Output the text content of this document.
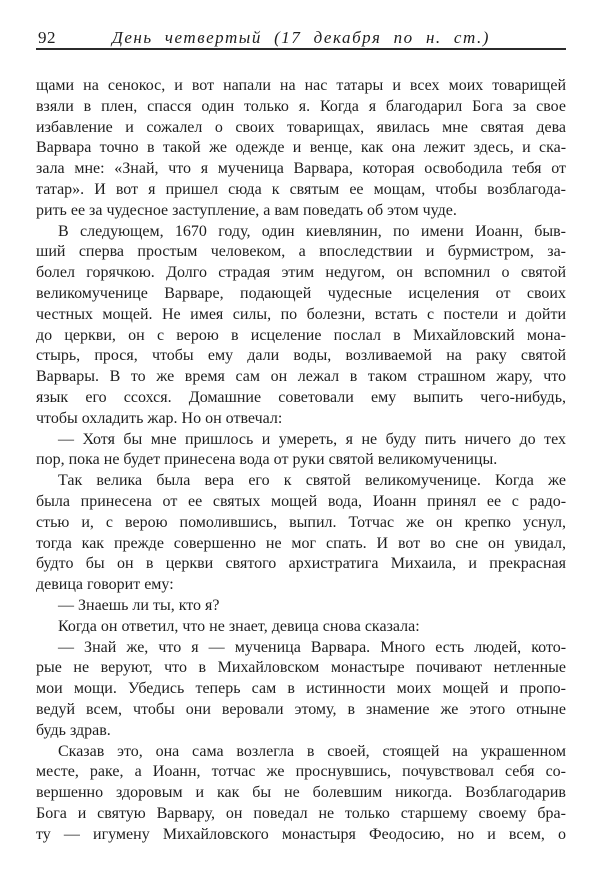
92	День четвертый (17 декабря по н. ст.)
щами на сенокос, и вот напали на нас татары и всех моих товарищей
взяли в плен, спасся один только я. Когда я благодарил Бога за свое
избавление и сожалел о своих товарищах, явилась мне святая дева
Варвара точно в такой же одежде и венце, как она лежит здесь, и ска-
зала мне: «Знай, что я мученица Варвара, которая освободила тебя от
татар». И вот я пришел сюда к святым ее мощам, чтобы возблагода-
рить ее за чудесное заступление, а вам поведать об этом чуде.
В следующем, 1670 году, один киевлянин, по имени Иоанн, быв-
ший сперва простым человеком, а впоследствии и бурмистром, за-
болел горячкою. Долго страдая этим недугом, он вспомнил о святой
великомученице Варваре, подающей чудесные исцеления от своих
честных мощей. Не имея силы, по болезни, встать с постели и дойти
до церкви, он с верою в исцеление послал в Михайловский мона-
стырь, прося, чтобы ему дали воды, возливаемой на раку святой
Варвары. В то же время сам он лежал в таком страшном жару, что
язык его ссохся. Домашние советовали ему выпить чего-нибудь,
чтобы охладить жар. Но он отвечал:
— Хотя бы мне пришлось и умереть, я не буду пить ничего до тех
пор, пока не будет принесена вода от руки святой великомученицы.
Так велика была вера его к святой великомученице. Когда же
была принесена от ее святых мощей вода, Иоанн принял ее с радо-
стью и, с верою помолившись, выпил. Тотчас же он крепко уснул,
тогда как прежде совершенно не мог спать. И вот во сне он увидал,
будто бы он в церкви святого архистратига Михаила, и прекрасная
девица говорит ему:
— Знаешь ли ты, кто я?
Когда он ответил, что не знает, девица снова сказала:
— Знай же, что я — мученица Варвара. Много есть людей, кото-
рые не веруют, что в Михайловском монастыре почивают нетленные
мои мощи. Убедись теперь сам в истинности моих мощей и пропо-
ведуй всем, чтобы они веровали этому, в знамение же этого отныне
будь здрав.
Сказав это, она сама возлегла в своей, стоящей на украшенном
месте, раке, а Иоанн, тотчас же проснувшись, почувствовал себя со-
вершенно здоровым и как бы не болевшим никогда. Возблагодарив
Бога и святую Варвару, он поведал не только старшему своему бра-
ту — игумену Михайловского монастыря Феодосию, но и всем, о
